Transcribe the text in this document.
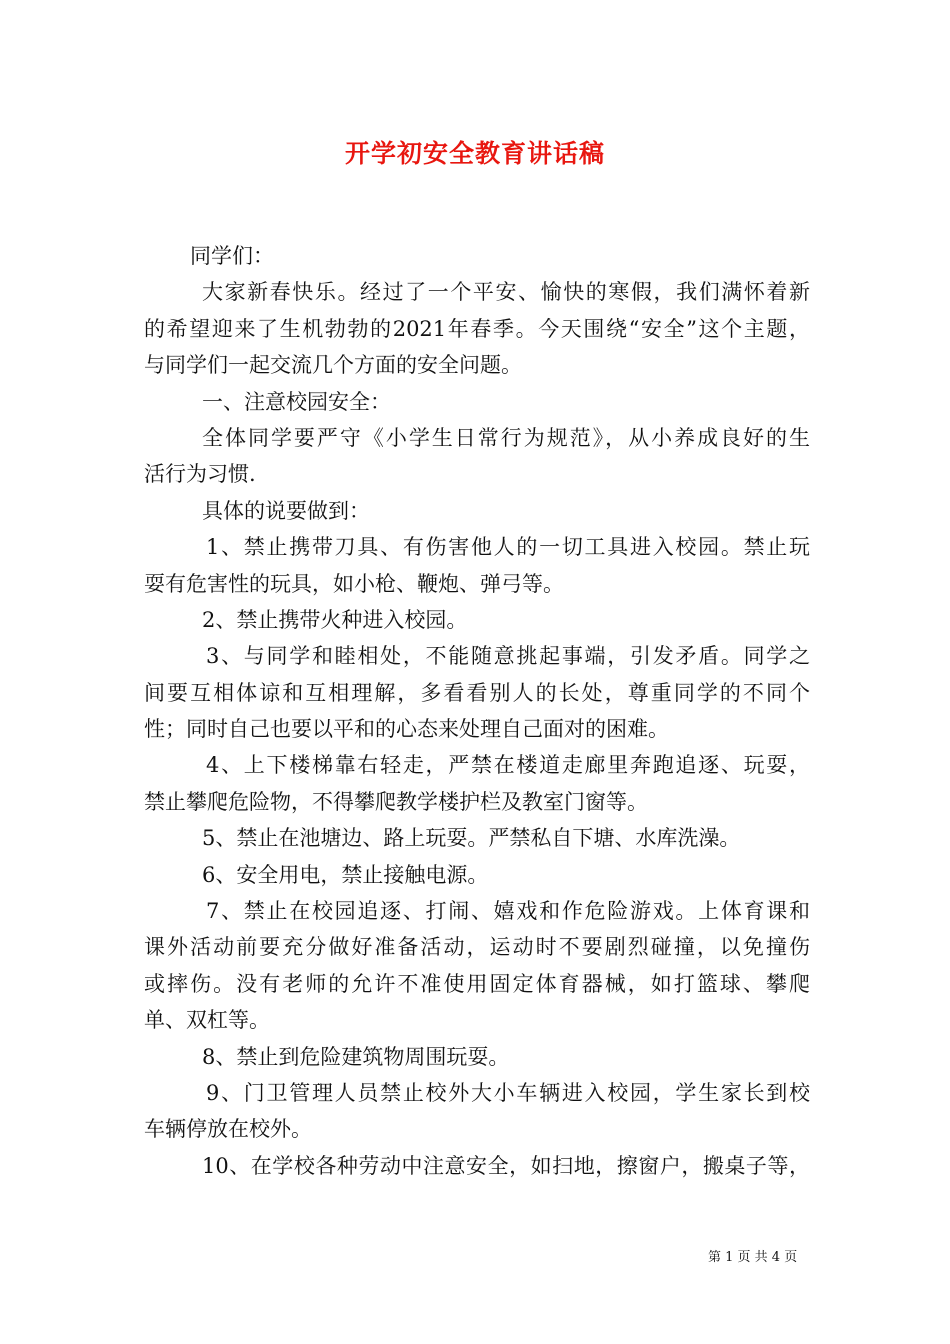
开学初安全教育讲话稿
同学们：
大家新春快乐。经过了一个平安、愉快的寒假，我们满怀着新
的希望迎来了生机勃勃的2021年春季。今天围绕“安全”这个主题，
与同学们一起交流几个方面的安全问题。
一、注意校园安全：
全体同学要严守《小学生日常行为规范》，从小养成良好的生
活行为习惯.
具体的说要做到：
1、禁止携带刀具、有伤害他人的一切工具进入校园。禁止玩
耍有危害性的玩具，如小枪、鞭炮、弹弓等。
2、禁止携带火种进入校园。
3、与同学和睦相处，不能随意挑起事端，引发矛盾。同学之
间要互相体谅和互相理解，多看看别人的长处，尊重同学的不同个
性；同时自己也要以平和的心态来处理自己面对的困难。
4、上下楼梯靠右轻走，严禁在楼道走廊里奔跑追逐、玩耍，
禁止攀爬危险物，不得攀爬教学楼护栏及教室门窗等。
5、禁止在池塘边、路上玩耍。严禁私自下塘、水库洗澡。
6、安全用电，禁止接触电源。
7、禁止在校园追逐、打闹、嬉戏和作危险游戏。上体育课和
课外活动前要充分做好准备活动，运动时不要剧烈碰撞，以免撞伤
或摔伤。没有老师的允许不准使用固定体育器械，如打篮球、攀爬
单、双杠等。
8、禁止到危险建筑物周围玩耍。
9、门卫管理人员禁止校外大小车辆进入校园，学生家长到校
车辆停放在校外。
10、在学校各种劳动中注意安全，如扫地，擦窗户，搬桌子等，
第 1 页 共 4 页
